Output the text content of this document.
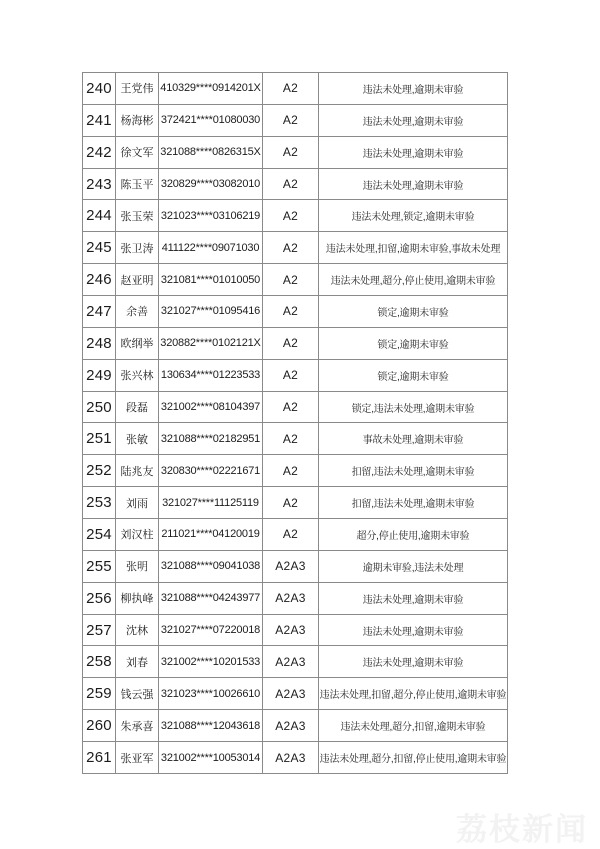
240	王党伟	410329****0914201X	A2	违法未处理,逾期未审验
241	杨海彬	372421****01080030	A2	违法未处理,逾期未审验
242	徐文军	321088****0826315X	A2	违法未处理,逾期未审验
243	陈玉平	320829****03082010	A2	违法未处理,逾期未审验
244	张玉荣	321023****03106219	A2	违法未处理,锁定,逾期未审验
245	张卫涛	411122****09071030	A2	违法未处理,扣留,逾期未审验,事故未处理
246	赵亚明	321081****01010050	A2	违法未处理,超分,停止使用,逾期未审验
247	余善	321027****01095416	A2	锁定,逾期未审验
248	欧纲举	320882****0102121X	A2	锁定,逾期未审验
249	张兴林	130634****01223533	A2	锁定,逾期未审验
250	段磊	321002****08104397	A2	锁定,违法未处理,逾期未审验
251	张敏	321088****02182951	A2	事故未处理,逾期未审验
252	陆兆友	320830****02221671	A2	扣留,违法未处理,逾期未审验
253	刘雨	321027****11125119	A2	扣留,违法未处理,逾期未审验
254	刘汉柱	211021****04120019	A2	超分,停止使用,逾期未审验
255	张明	321088****09041038	A2A3	逾期未审验,违法未处理
256	柳执峰	321088****04243977	A2A3	违法未处理,逾期未审验
257	沈林	321027****07220018	A2A3	违法未处理,逾期未审验
258	刘春	321002****10201533	A2A3	违法未处理,逾期未审验
259	钱云强	321023****10026610	A2A3	违法未处理,扣留,超分,停止使用,逾期未审验
260	朱承喜	321088****12043618	A2A3	违法未处理,超分,扣留,逾期未审验
261	张亚军	321002****10053014	A2A3	违法未处理,超分,扣留,停止使用,逾期未审验
荔枝新闻
